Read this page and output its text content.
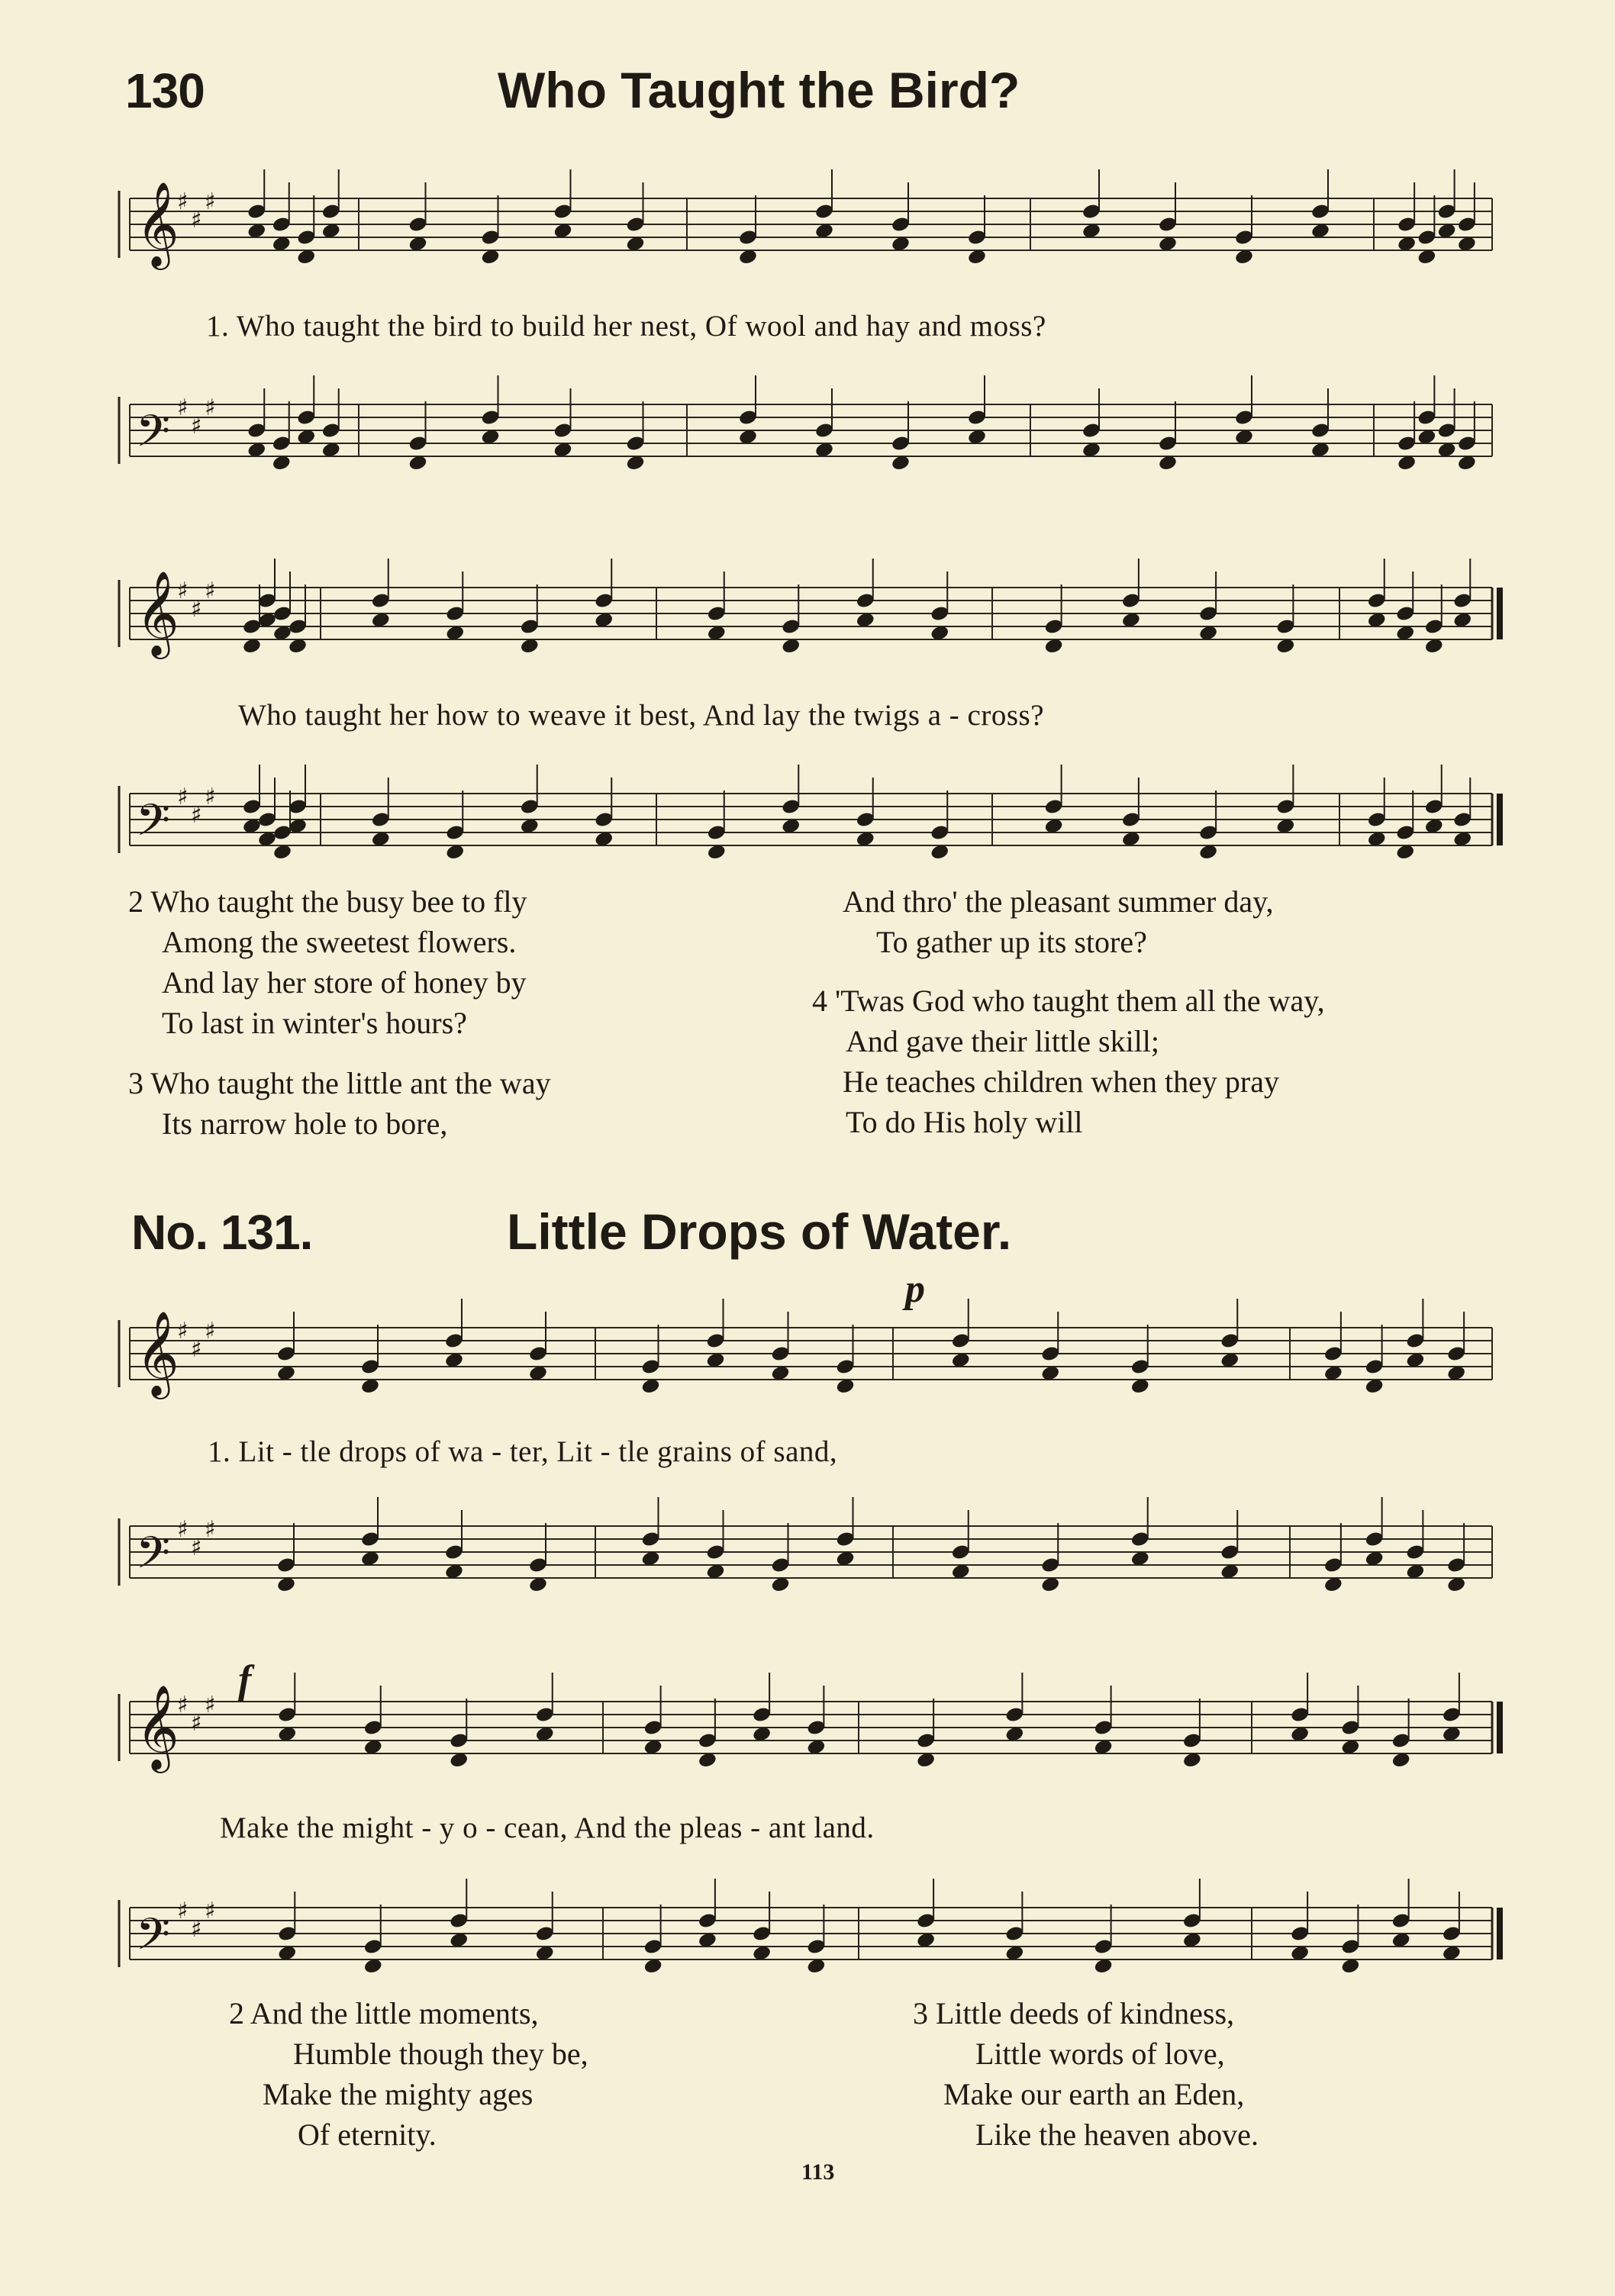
130	Who Taught the Bird?
𝄞
♯
♯
♯
1. Who taught the bird to build her nest, Of wool and hay and moss?
𝄢 ♯
♯
♯
𝄞
♯
♯
♯
Who taught her how to weave it best, And lay the twigs a - cross?
𝄢 ♯
♯
♯
2 Who taught the busy bee to fly
Among the sweetest flowers.
And lay her store of honey by
To last in winter's hours?
3 Who taught the little ant the way
Its narrow hole to bore,
And thro' the pleasant summer day,
To gather up its store?
4 'Twas God who taught them all the way,
And gave their little skill;
He teaches children when they pray
To do His holy will
No. 131.	Little Drops of Water.
p
𝄞
♯
♯
♯
1. Lit - tle drops of wa - ter, Lit - tle grains of sand,
𝄢 ♯
♯
♯
f
𝄞
♯
♯
♯
Make the might - y o - cean, And the pleas - ant land.
𝄢 ♯
♯
♯
2 And the little moments,
Humble though they be,
Make the mighty ages
Of eternity.
3 Little deeds of kindness,
Little words of love,
Make our earth an Eden,
Like the heaven above.
113
